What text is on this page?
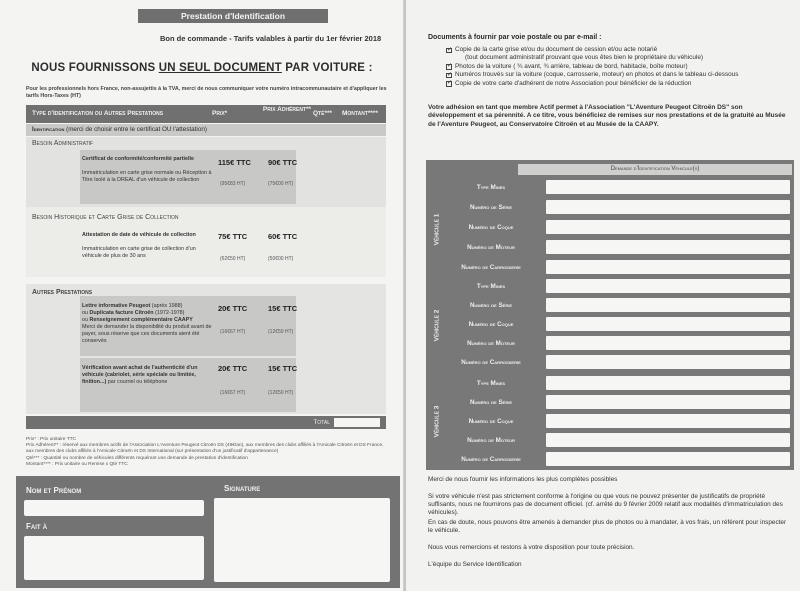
Prestation d'Identification
Bon de commande - Tarifs valables à partir du 1er février 2018
NOUS FOURNISSONS UN SEUL DOCUMENT PAR VOITURE :
Pour les professionnels hors France, non-assujettis à la TVA, merci de nous communiquer votre numéro intracommunautaire et d'appliquer les tarifs Hors-Taxes (HT)
Type d'Identification ou Autres Prestations	Prix*
Prix Adhérent**
Qté*** Montant****
Identification (merci de choisir entre le certificat OU l'attestation)
Besoin Administratif
Besoin Historique et Carte Grise de Collection
Autres Prestations
Certificat de conformité/conformité partielle

Immatriculation en carte grise normale ou Réception à Titre Isolé à la DREAL d'un véhicule de collection
115€ TTC
(95€83 HT)
90€ TTC
(75€00 HT)
Attestation de date de véhicule de collection

Immatriculation en carte grise de collection d'un véhicule de plus de 30 ans
75€ TTC
(62€50 HT)
60€ TTC
(50€00 HT)
Lettre informative Peugeot (après 1988)
ou Duplicata facture Citroën (1972-1978)
ou Renseignement complémentaire CAAPY
Merci de demander la disponibilité du produit avant de payer, sous réserve que ces documents aient été conservés
20€ TTC
(16€67 HT)
15€ TTC
(12€50 HT)
Vérification avant achat de l'authenticité d'un véhicule (cabriolet, série spéciale ou limitée, finition...) par courriel ou téléphone
20€ TTC
(16€67 HT)
15€ TTC
(12€50 HT)
Total
Prix* : Prix unitaire TTC
Prix Adhérent** : réservé aux membres actifs de l'Association L'Aventure Peugeot Citroën DS (49€/an), aux membres des clubs affiliés à l'Amicale Citroën et DS France, aux membres des clubs affiliés à l'Amicale Citroën et DS International (sur présentation d'un justificatif d'appartenance)
Qté*** : Quantité ou nombre de véhicules différents requérant une demande de prestation d'identification
Montant**** : Prix unitaire ou Remise x Qté TTC
Nom et Prénom	Signature
Fait à
Documents à fournir par voie postale ou par e-mail :
✓
Copie de la carte grise et/ou du document de cession et/ou acte notarié
(tout document administratif prouvant que vous êtes bien le propriétaire du véhicule)
✓
Photos de la voiture ( ¾ avant, ¾ arrière, tableau de bord, habitacle, boîte moteur)
✓
Numéros trouvés sur la voiture (coque, carrosserie, moteur) en photos et dans le tableau ci-dessous
✓
Copie de votre carte d'adhérent de notre Association pour bénéficier de la réduction
Votre adhésion en tant que membre Actif permet à l'Association "L'Aventure Peugeot Citroën DS" son développement et sa pérennité. A ce titre, vous bénéficiez de remises sur nos prestations et de la gratuité au Musée de l'Aventure Peugeot, au Conservatoire Citroën et au Musée de la CAAPY.
Demande d'Identification Véhicule(s)
Véhicule 1
Type Mines
Numéro de Série
Numéro de Coque
Numéro de Moteur
Numéro de Carrosserie
Véhicule 2
Type Mines
Numéro de Série
Numéro de Coque
Numéro de Moteur
Numéro de Carrosserie
Véhicule 3
Type Mines
Numéro de Série
Numéro de Coque
Numéro de Moteur
Numéro de Carrosserie
Merci de nous fournir les informations les plus complètes possibles
Si votre véhicule n'est pas strictement conforme à l'origine ou que vous ne pouvez présenter de justificatifs de propriété suffisants, nous ne fournirons pas de document officiel. (cf. arrêté du 9 février 2009 relatif aux modalités d'immatriculation des véhicules).
En cas de doute, nous pouvons être amenés à demander plus de photos ou à mandater, à vos frais, un référent pour inspecter le véhicule.
Nous vous remercions et restons à votre disposition pour toute précision.
L'équipe du Service Identification
